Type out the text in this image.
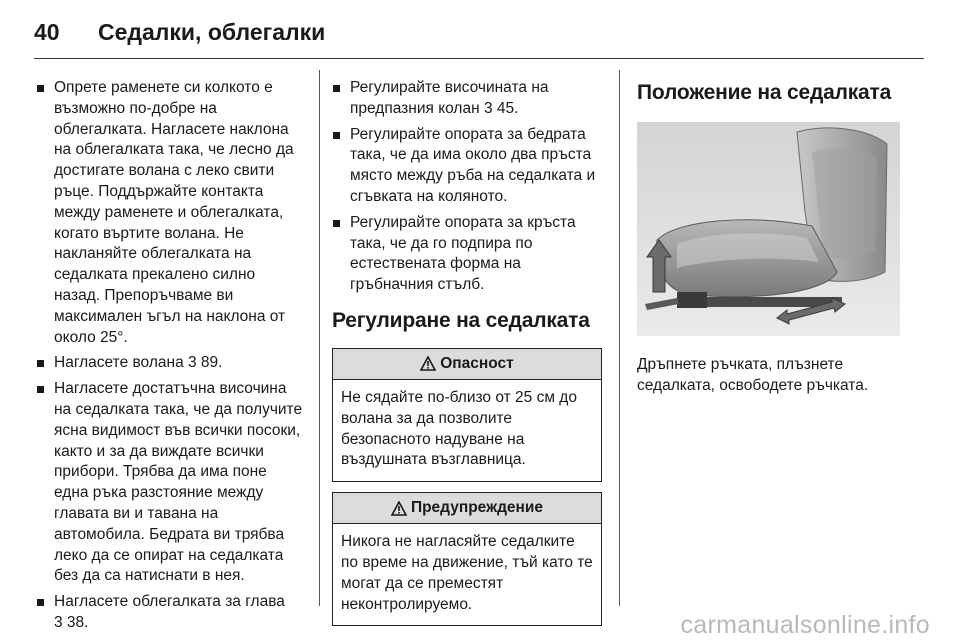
40	Седалки, облегалки
Опрете раменете си колкото е възможно по-добре на облегалката. Нагласете наклона на облегалката така, че лесно да достигате волана с леко свити ръце. Поддържайте контакта между раменете и облегалката, когато въртите волана. Не накланяйте облегалката на седалката прекалено силно назад. Препоръчваме ви максимален ъгъл на наклона от около 25°.
Нагласете волана 3 89.
Нагласете достатъчна височина на седалката така, че да получите ясна видимост във всички посоки, както и за да виждате всички прибори. Трябва да има поне една ръка разстояние между главата ви и тавана на автомобила. Бедрата ви трябва леко да се опират на седалката без да са натиснати в нея.
Нагласете облегалката за глава 3 38.
Регулирайте височината на предпазния колан 3 45.
Регулирайте опората за бедрата така, че да има около два пръста място между ръба на седалката и сгъвката на коляното.
Регулирайте опората за кръста така, че да го подпира по естествената форма на гръбначния стълб.
Регулиране на седалката
Опасност
Не сядайте по-близо от 25 см до волана за да позволите безопасното надуване на въздушната възглавница.
Предупреждение
Никога не нагласяйте седалките по време на движение, тъй като те могат да се преместят неконтролируемо.
Положение на седалката
Дръпнете ръчката, плъзнете седалката, освободете ръчката.
carmanualsonline.info
